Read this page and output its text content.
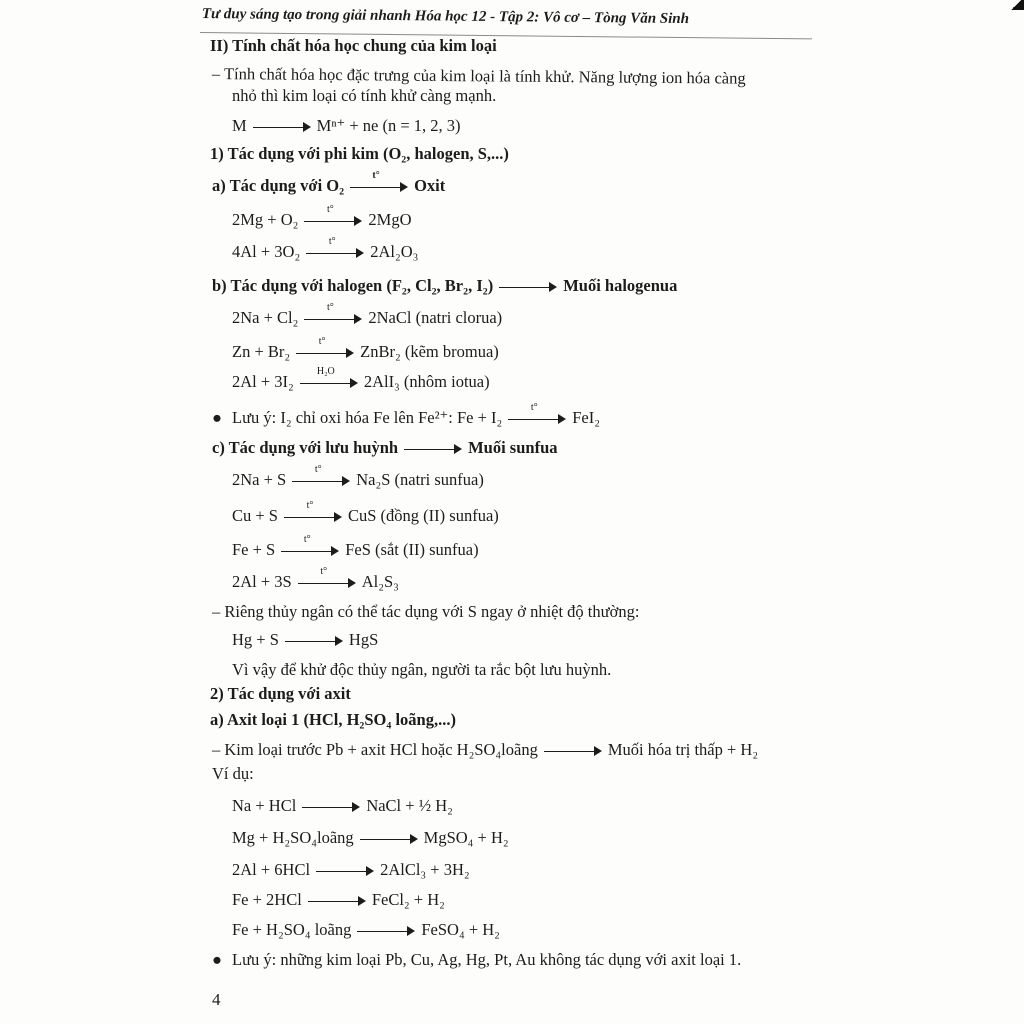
Tư duy sáng tạo trong giải nhanh Hóa học 12 - Tập 2: Vô cơ – Tòng Văn Sinh
II) Tính chất hóa học chung của kim loại
– Tính chất hóa học đặc trưng của kim loại là tính khử. Năng lượng ion hóa càng
nhỏ thì kim loại có tính khử càng mạnh.
M	Mⁿ⁺ + ne (n = 1, 2, 3)
1) Tác dụng với phi kim (O₂, halogen, S,...)
a) Tác dụng với O₂
t°
Oxit
2Mg + O₂
t°
2MgO
4Al + 3O₂
t°
2Al₂O₃
b) Tác dụng với halogen (F₂, Cl₂, Br₂, I₂)	Muối halogenua
2Na + Cl₂
t°
2NaCl (natri clorua)
Zn + Br₂
t°
ZnBr₂ (kẽm bromua)
2Al + 3I₂
H₂O
2AlI₃ (nhôm iotua)
● Lưu ý: I₂ chỉ oxi hóa Fe lên Fe²⁺: Fe + I₂
t°
FeI₂
c) Tác dụng với lưu huỳnh	Muối sunfua
2Na + S
t°
Na₂S (natri sunfua)
Cu + S
t°
CuS (đồng (II) sunfua)
Fe + S
t°
FeS (sắt (II) sunfua)
2Al + 3S
t°
Al₂S₃
– Riêng thủy ngân có thể tác dụng với S ngay ở nhiệt độ thường:
Hg + S	HgS
Vì vậy để khử độc thủy ngân, người ta rắc bột lưu huỳnh.
2) Tác dụng với axit
a) Axit loại 1 (HCl, H₂SO₄ loãng,...)
– Kim loại trước Pb + axit HCl hoặc H₂SO₄loãng	Muối hóa trị thấp + H₂
Ví dụ:
Na + HCl	NaCl + ½ H₂
Mg + H₂SO₄loãng	MgSO₄ + H₂
2Al + 6HCl	2AlCl₃ + 3H₂
Fe + 2HCl	FeCl₂ + H₂
Fe + H₂SO₄ loãng	FeSO₄ + H₂
● Lưu ý: những kim loại Pb, Cu, Ag, Hg, Pt, Au không tác dụng với axit loại 1.
4
